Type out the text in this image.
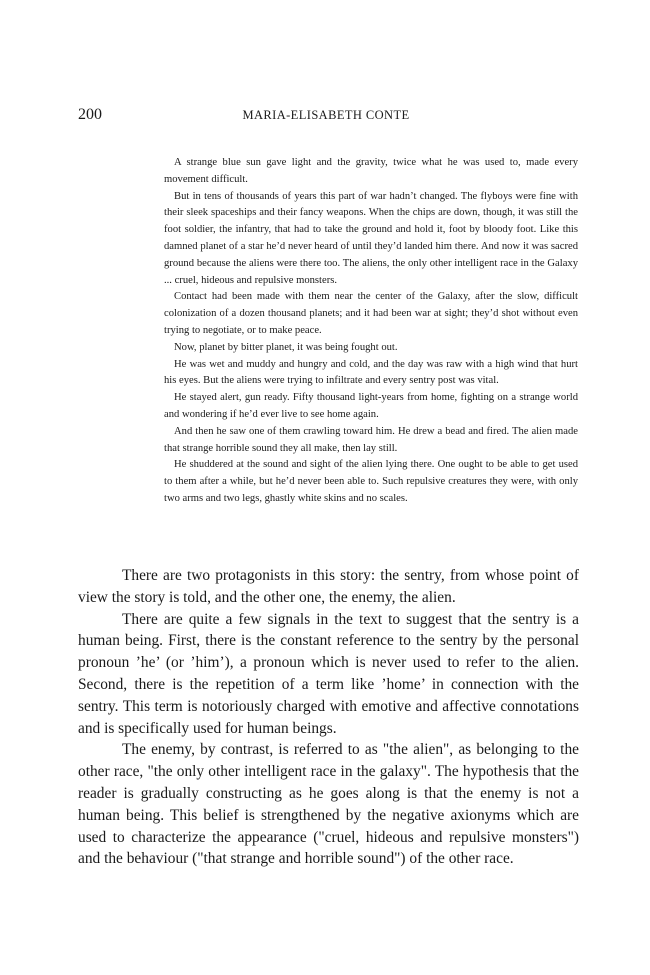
200	MARIA-ELISABETH CONTE

A strange blue sun gave light and the gravity, twice what he was used to, made every movement difficult.

But in tens of thousands of years this part of war hadn’t changed. The flyboys were fine with their sleek spaceships and their fancy weapons. When the chips are down, though, it was still the foot soldier, the infantry, that had to take the ground and hold it, foot by bloody foot. Like this damned planet of a star he’d never heard of until they’d landed him there. And now it was sacred ground because the aliens were there too. The aliens, the only other intelligent race in the Galaxy ... cruel, hideous and repulsive monsters.

Contact had been made with them near the center of the Galaxy, after the slow, difficult colonization of a dozen thousand planets; and it had been war at sight; they’d shot without even trying to negotiate, or to make peace.

Now, planet by bitter planet, it was being fought out.

He was wet and muddy and hungry and cold, and the day was raw with a high wind that hurt his eyes. But the aliens were trying to infiltrate and every sentry post was vital.

He stayed alert, gun ready. Fifty thousand light-years from home, fighting on a strange world and wondering if he’d ever live to see home again.

And then he saw one of them crawling toward him. He drew a bead and fired. The alien made that strange horrible sound they all make, then lay still.

He shuddered at the sound and sight of the alien lying there. One ought to be able to get used to them after a while, but he’d never been able to. Such repulsive creatures they were, with only two arms and two legs, ghastly white skins and no scales.

There are two protagonists in this story: the sentry, from whose point of view the story is told, and the other one, the enemy, the alien.

There are quite a few signals in the text to suggest that the sentry is a human being. First, there is the constant reference to the sentry by the personal pronoun ’he’ (or ’him’), a pronoun which is never used to refer to the alien. Second, there is the repetition of a term like ’home’ in connection with the sentry. This term is notoriously charged with emotive and affective connotations and is specifically used for human beings.

The enemy, by contrast, is referred to as "the alien", as belonging to the other race, "the only other intelligent race in the galaxy". The hypothesis that the reader is gradually constructing as he goes along is that the enemy is not a human being. This belief is strengthened by the negative axionyms which are used to characterize the appearance ("cruel, hideous and repulsive monsters") and the behaviour ("that strange and horrible sound") of the other race.
